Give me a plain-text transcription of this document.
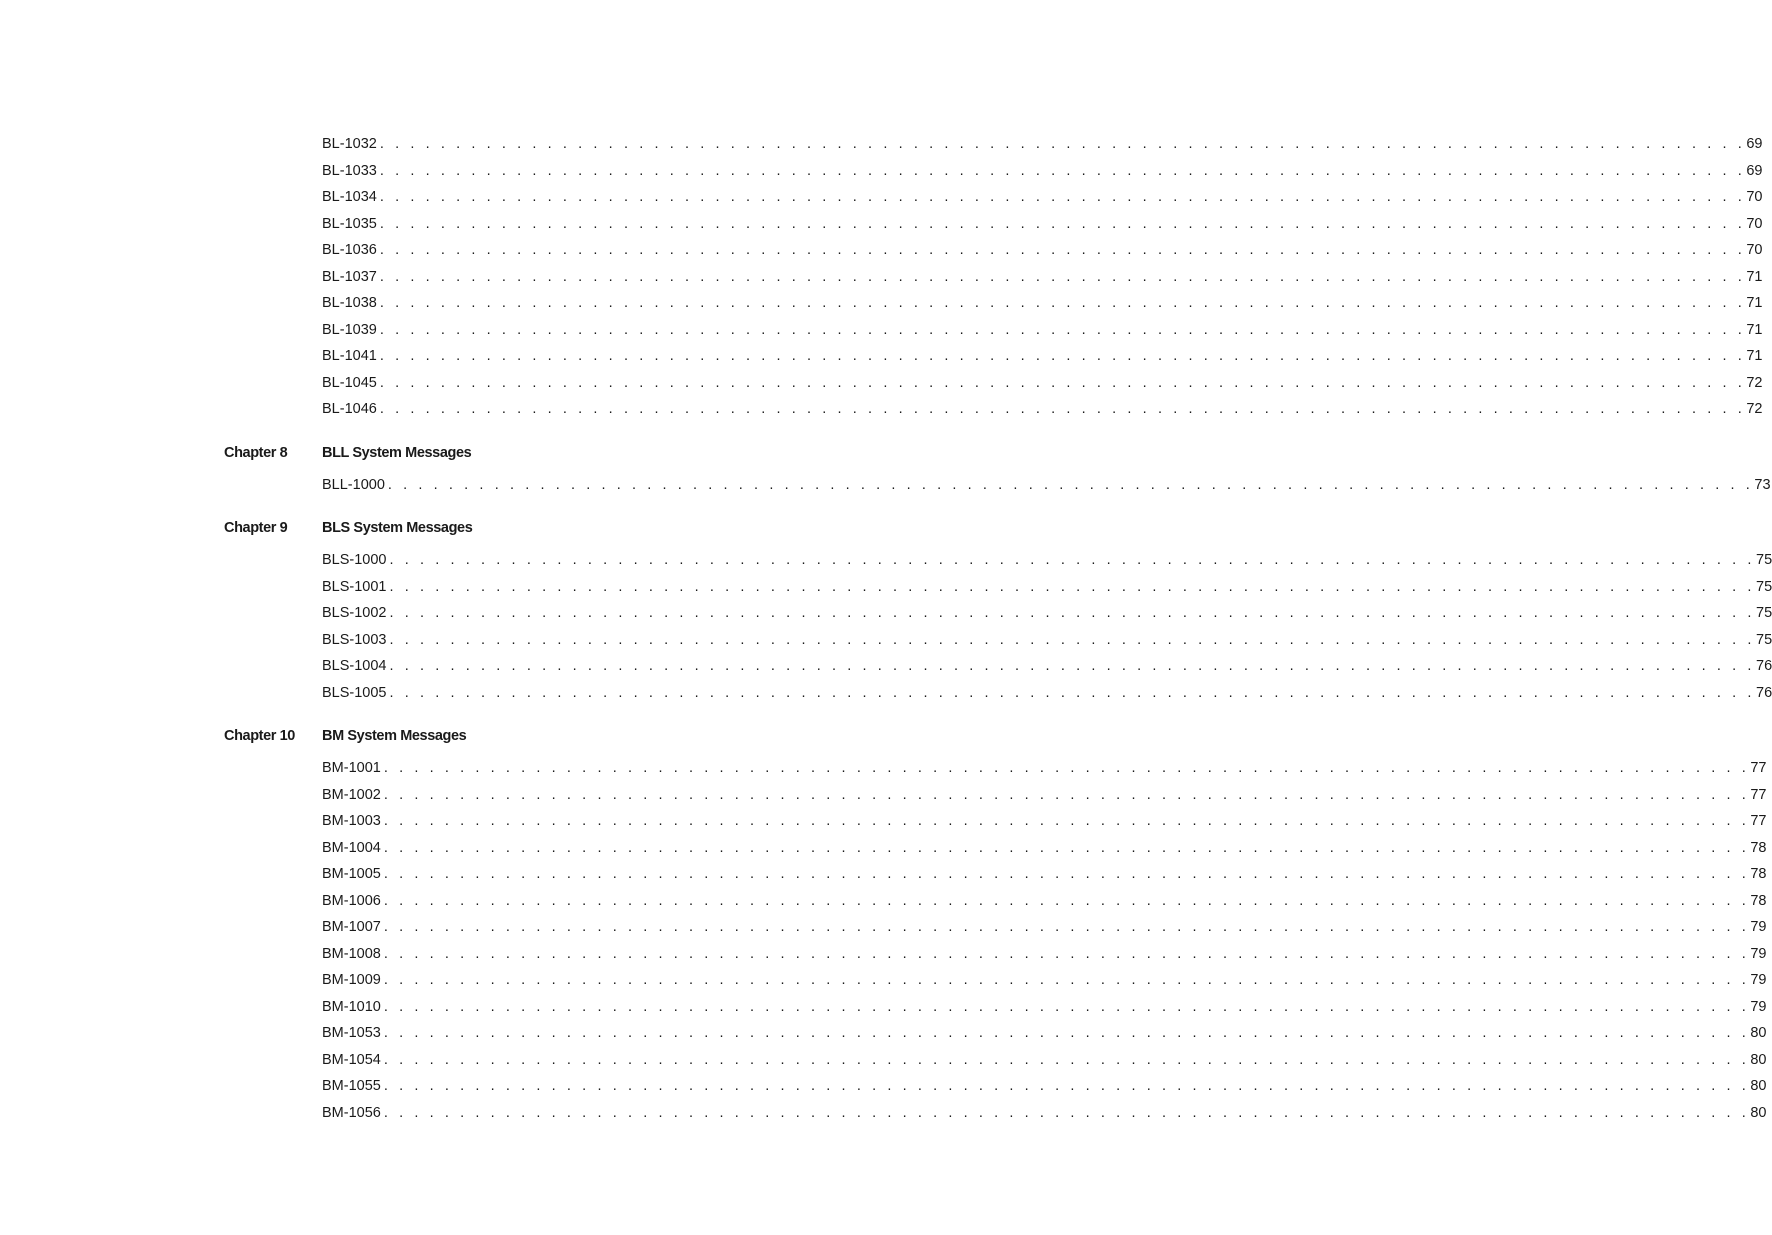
BL-1032 . . . . . . . . . . . . . . . . . . . . . . . . . . . . . . . . . . . . . . . . . . . . . . . . . . . . . . . . . . . . . . . . . . . . . . . . . . . . . . . . . . . . . . . . . . 69
BL-1033 . . . . . . . . . . . . . . . . . . . . . . . . . . . . . . . . . . . . . . . . . . . . . . . . . . . . . . . . . . . . . . . . . . . . . . . . . . . . . . . . . . . . . . . . . . 69
BL-1034 . . . . . . . . . . . . . . . . . . . . . . . . . . . . . . . . . . . . . . . . . . . . . . . . . . . . . . . . . . . . . . . . . . . . . . . . . . . . . . . . . . . . . . . . . . 70
BL-1035 . . . . . . . . . . . . . . . . . . . . . . . . . . . . . . . . . . . . . . . . . . . . . . . . . . . . . . . . . . . . . . . . . . . . . . . . . . . . . . . . . . . . . . . . . . 70
BL-1036 . . . . . . . . . . . . . . . . . . . . . . . . . . . . . . . . . . . . . . . . . . . . . . . . . . . . . . . . . . . . . . . . . . . . . . . . . . . . . . . . . . . . . . . . . . 70
BL-1037 . . . . . . . . . . . . . . . . . . . . . . . . . . . . . . . . . . . . . . . . . . . . . . . . . . . . . . . . . . . . . . . . . . . . . . . . . . . . . . . . . . . . . . . . . . 71
BL-1038 . . . . . . . . . . . . . . . . . . . . . . . . . . . . . . . . . . . . . . . . . . . . . . . . . . . . . . . . . . . . . . . . . . . . . . . . . . . . . . . . . . . . . . . . . . 71
BL-1039 . . . . . . . . . . . . . . . . . . . . . . . . . . . . . . . . . . . . . . . . . . . . . . . . . . . . . . . . . . . . . . . . . . . . . . . . . . . . . . . . . . . . . . . . . . 71
BL-1041 . . . . . . . . . . . . . . . . . . . . . . . . . . . . . . . . . . . . . . . . . . . . . . . . . . . . . . . . . . . . . . . . . . . . . . . . . . . . . . . . . . . . . . . . . . 71
BL-1045 . . . . . . . . . . . . . . . . . . . . . . . . . . . . . . . . . . . . . . . . . . . . . . . . . . . . . . . . . . . . . . . . . . . . . . . . . . . . . . . . . . . . . . . . . . 72
BL-1046 . . . . . . . . . . . . . . . . . . . . . . . . . . . . . . . . . . . . . . . . . . . . . . . . . . . . . . . . . . . . . . . . . . . . . . . . . . . . . . . . . . . . . . . . . . 72
Chapter 8 BLL System Messages
BLL-1000 . . . . . . . . . . . . . . . . . . . . . . . . . . . . . . . . . . . . . . . . . . . . . . . . . . . . . . . . . . . . . . . . . . . . . . . . . . . . . . . . . . . . . . . . . . 73
Chapter 9 BLS System Messages
BLS-1000 . . . . . . . . . . . . . . . . . . . . . . . . . . . . . . . . . . . . . . . . . . . . . . . . . . . . . . . . . . . . . . . . . . . . . . . . . . . . . . . . . . . . . . . . . . 75
BLS-1001 . . . . . . . . . . . . . . . . . . . . . . . . . . . . . . . . . . . . . . . . . . . . . . . . . . . . . . . . . . . . . . . . . . . . . . . . . . . . . . . . . . . . . . . . . . 75
BLS-1002 . . . . . . . . . . . . . . . . . . . . . . . . . . . . . . . . . . . . . . . . . . . . . . . . . . . . . . . . . . . . . . . . . . . . . . . . . . . . . . . . . . . . . . . . . . 75
BLS-1003 . . . . . . . . . . . . . . . . . . . . . . . . . . . . . . . . . . . . . . . . . . . . . . . . . . . . . . . . . . . . . . . . . . . . . . . . . . . . . . . . . . . . . . . . . . 75
BLS-1004 . . . . . . . . . . . . . . . . . . . . . . . . . . . . . . . . . . . . . . . . . . . . . . . . . . . . . . . . . . . . . . . . . . . . . . . . . . . . . . . . . . . . . . . . . . 76
BLS-1005 . . . . . . . . . . . . . . . . . . . . . . . . . . . . . . . . . . . . . . . . . . . . . . . . . . . . . . . . . . . . . . . . . . . . . . . . . . . . . . . . . . . . . . . . . . 76
Chapter 10 BM System Messages
BM-1001 . . . . . . . . . . . . . . . . . . . . . . . . . . . . . . . . . . . . . . . . . . . . . . . . . . . . . . . . . . . . . . . . . . . . . . . . . . . . . . . . . . . . . . . . . . 77
BM-1002 . . . . . . . . . . . . . . . . . . . . . . . . . . . . . . . . . . . . . . . . . . . . . . . . . . . . . . . . . . . . . . . . . . . . . . . . . . . . . . . . . . . . . . . . . . 77
BM-1003 . . . . . . . . . . . . . . . . . . . . . . . . . . . . . . . . . . . . . . . . . . . . . . . . . . . . . . . . . . . . . . . . . . . . . . . . . . . . . . . . . . . . . . . . . . 77
BM-1004 . . . . . . . . . . . . . . . . . . . . . . . . . . . . . . . . . . . . . . . . . . . . . . . . . . . . . . . . . . . . . . . . . . . . . . . . . . . . . . . . . . . . . . . . . . 78
BM-1005 . . . . . . . . . . . . . . . . . . . . . . . . . . . . . . . . . . . . . . . . . . . . . . . . . . . . . . . . . . . . . . . . . . . . . . . . . . . . . . . . . . . . . . . . . . 78
BM-1006 . . . . . . . . . . . . . . . . . . . . . . . . . . . . . . . . . . . . . . . . . . . . . . . . . . . . . . . . . . . . . . . . . . . . . . . . . . . . . . . . . . . . . . . . . . 78
BM-1007 . . . . . . . . . . . . . . . . . . . . . . . . . . . . . . . . . . . . . . . . . . . . . . . . . . . . . . . . . . . . . . . . . . . . . . . . . . . . . . . . . . . . . . . . . . 79
BM-1008 . . . . . . . . . . . . . . . . . . . . . . . . . . . . . . . . . . . . . . . . . . . . . . . . . . . . . . . . . . . . . . . . . . . . . . . . . . . . . . . . . . . . . . . . . . 79
BM-1009 . . . . . . . . . . . . . . . . . . . . . . . . . . . . . . . . . . . . . . . . . . . . . . . . . . . . . . . . . . . . . . . . . . . . . . . . . . . . . . . . . . . . . . . . . . 79
BM-1010 . . . . . . . . . . . . . . . . . . . . . . . . . . . . . . . . . . . . . . . . . . . . . . . . . . . . . . . . . . . . . . . . . . . . . . . . . . . . . . . . . . . . . . . . . . 79
BM-1053 . . . . . . . . . . . . . . . . . . . . . . . . . . . . . . . . . . . . . . . . . . . . . . . . . . . . . . . . . . . . . . . . . . . . . . . . . . . . . . . . . . . . . . . . . . 80
BM-1054 . . . . . . . . . . . . . . . . . . . . . . . . . . . . . . . . . . . . . . . . . . . . . . . . . . . . . . . . . . . . . . . . . . . . . . . . . . . . . . . . . . . . . . . . . . 80
BM-1055 . . . . . . . . . . . . . . . . . . . . . . . . . . . . . . . . . . . . . . . . . . . . . . . . . . . . . . . . . . . . . . . . . . . . . . . . . . . . . . . . . . . . . . . . . . 80
BM-1056 . . . . . . . . . . . . . . . . . . . . . . . . . . . . . . . . . . . . . . . . . . . . . . . . . . . . . . . . . . . . . . . . . . . . . . . . . . . . . . . . . . . . . . . . . . 80
